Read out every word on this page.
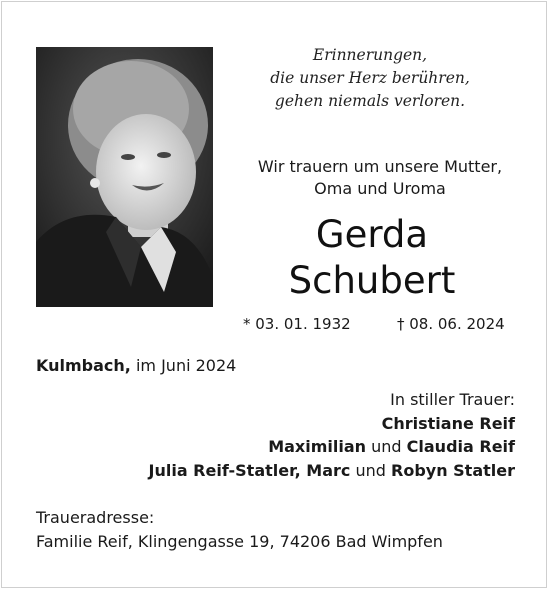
Erinnerungen,
die unser Herz berühren,
gehen niemals verloren.
Wir trauern um unsere Mutter,
Oma und Uroma
Gerda
Schubert
* 03. 01. 1932	† 08. 06. 2024
Kulmbach, im Juni 2024
In stiller Trauer:
Christiane Reif
Maximilian und Claudia Reif
Julia Reif-Statler, Marc und Robyn Statler
Traueradresse:
Familie Reif, Klingengasse 19, 74206 Bad Wimpfen
